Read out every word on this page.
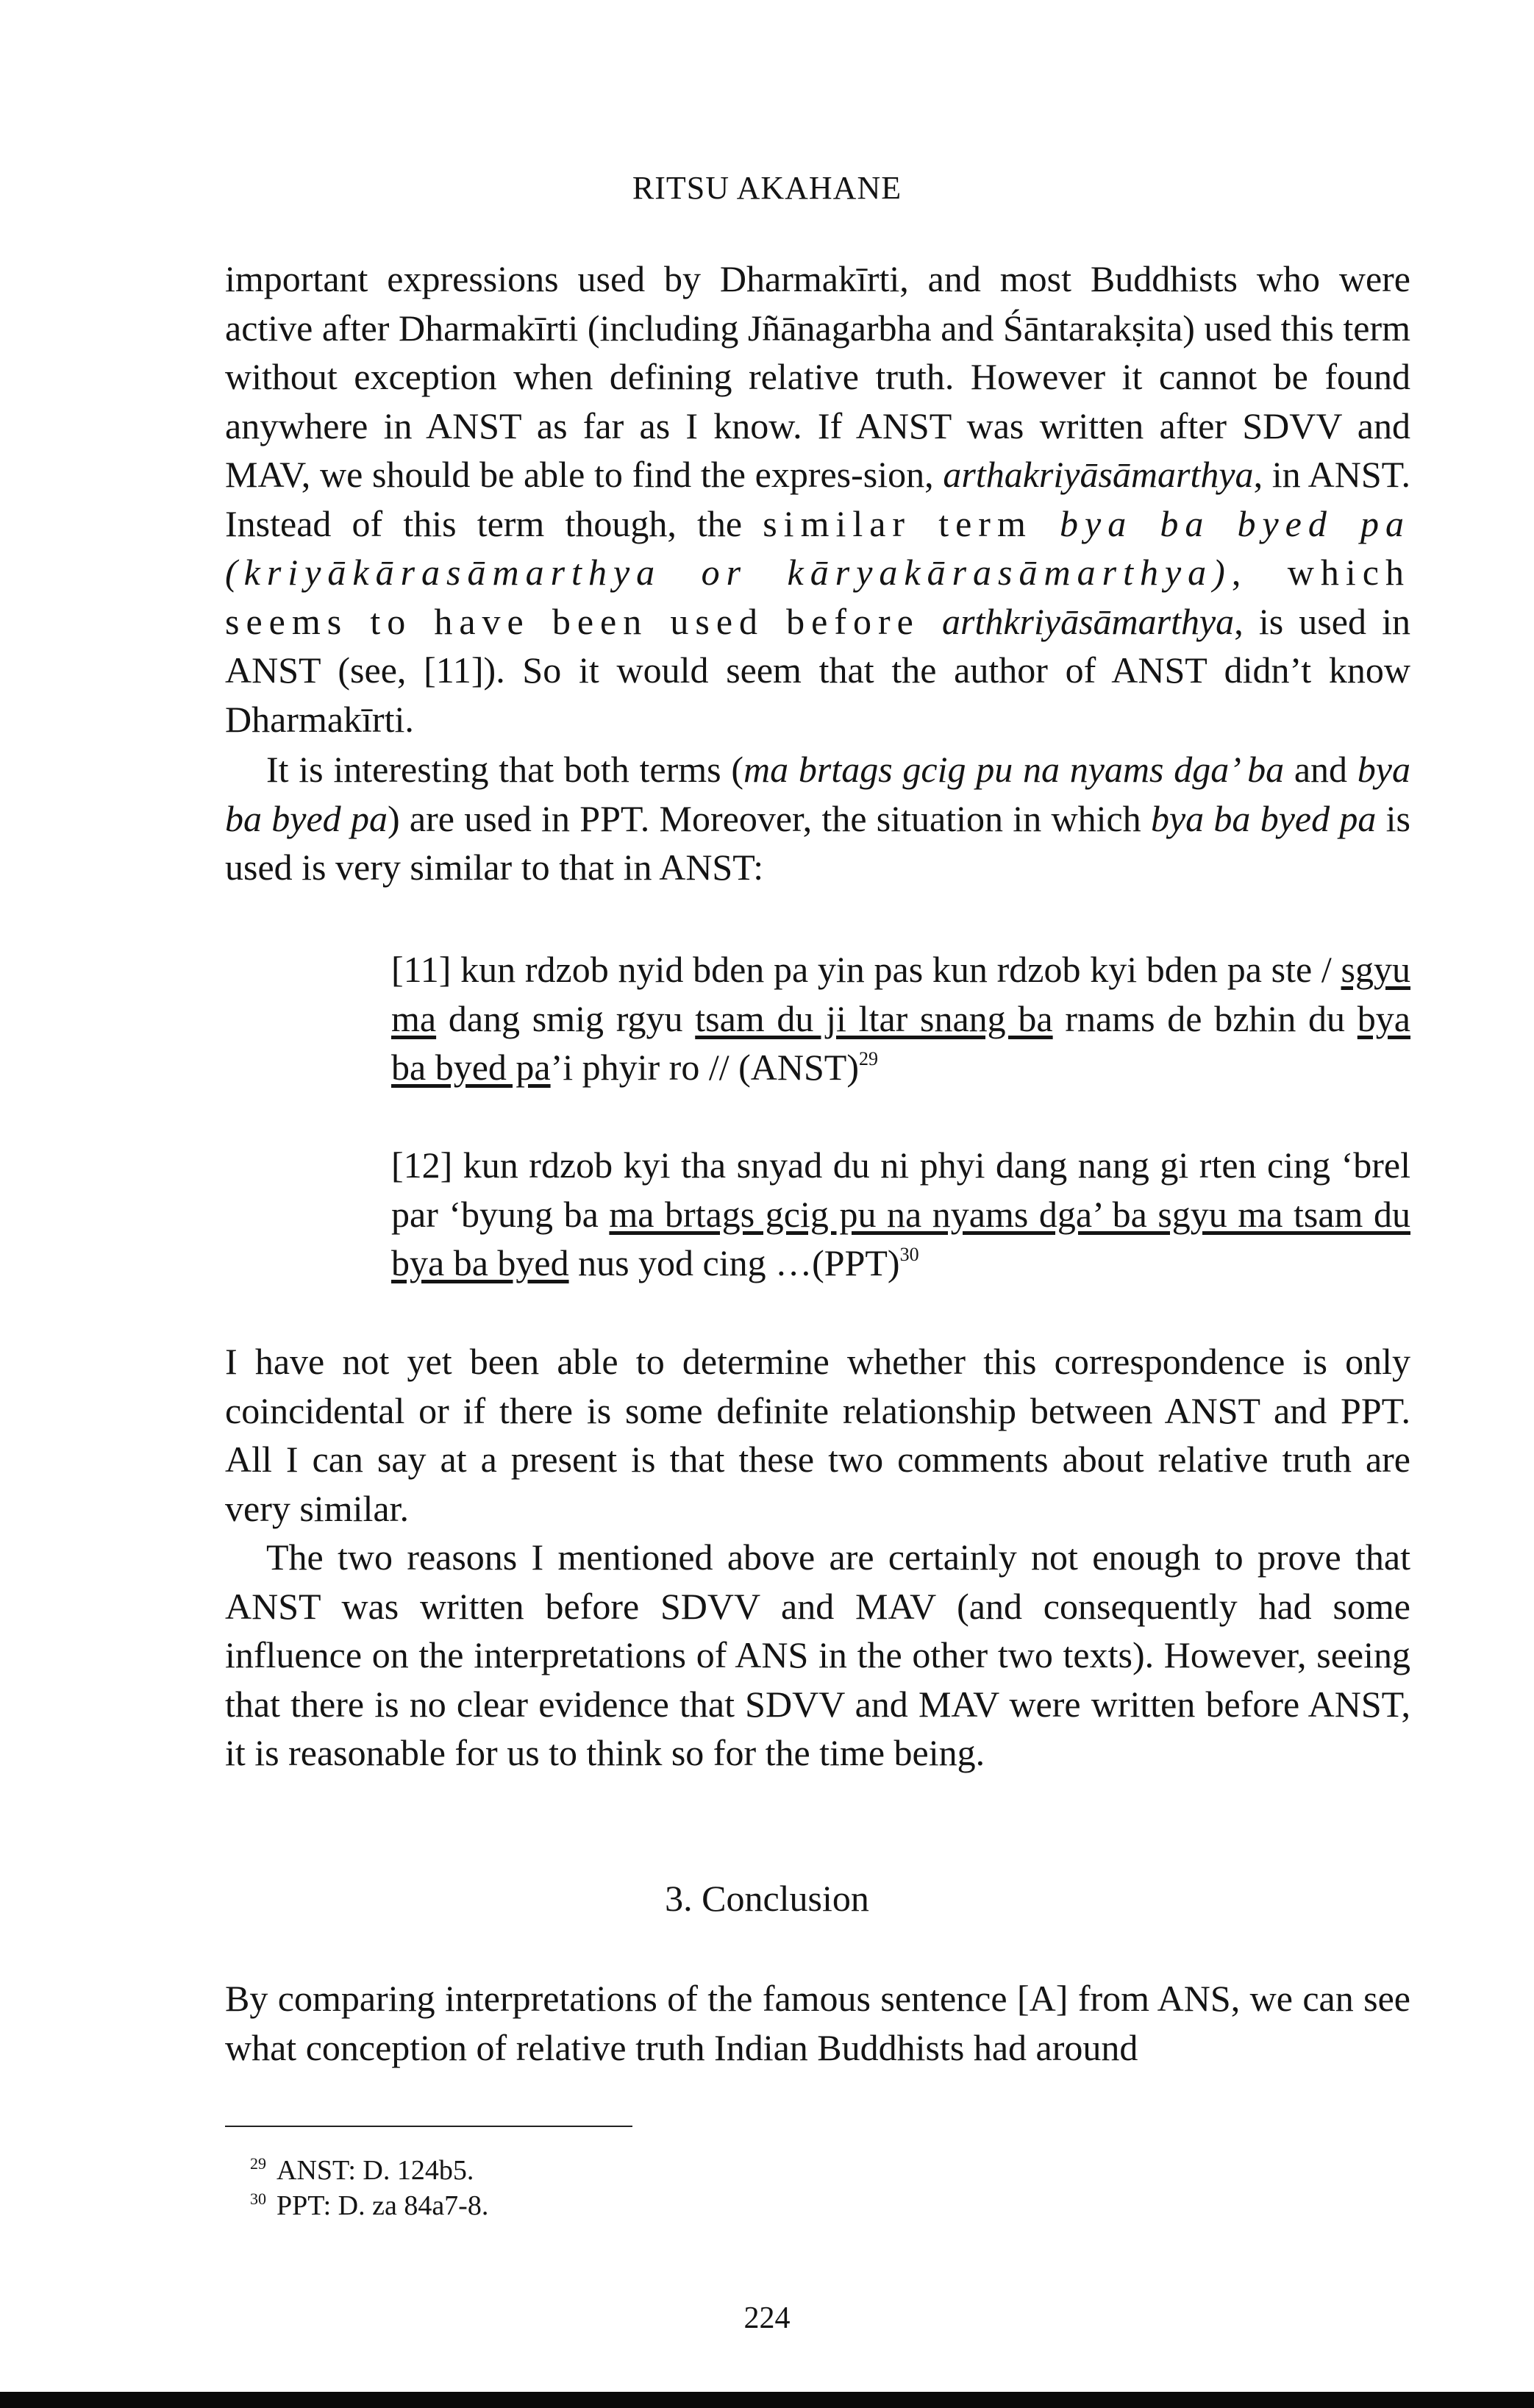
RITSU AKAHANE

important expressions used by Dharmakīrti, and most Buddhists who were active after Dharmakīrti (including Jñānagarbha and Śāntarakṣita) used this term without exception when defining relative truth. However it cannot be found anywhere in ANST as far as I know. If ANST was written after SDVV and MAV, we should be able to find the expres-sion, arthakriyāsāmarthya, in ANST. Instead of this term though, the similar term bya ba byed pa (kriyākārasāmarthya or kāryakārasāmarthya), which seems to have been used before arthkriyāsāmarthya, is used in ANST (see, [11]). So it would seem that the author of ANST didn’t know Dharmakīrti.

It is interesting that both terms (ma brtags gcig pu na nyams dga’ ba and bya ba byed pa) are used in PPT. Moreover, the situation in which bya ba byed pa is used is very similar to that in ANST:

[11] kun rdzob nyid bden pa yin pas kun rdzob kyi bden pa ste / sgyu ma dang smig rgyu tsam du ji ltar snang ba rnams de bzhin du bya ba byed pa’i phyir ro // (ANST)$^{29}$

[12] kun rdzob kyi tha snyad du ni phyi dang nang gi rten cing ‘brel par ‘byung ba ma brtags gcig pu na nyams dga’ ba sgyu ma tsam du bya ba byed nus yod cing …(PPT)$^{30}$

I have not yet been able to determine whether this correspondence is only coincidental or if there is some definite relationship between ANST and PPT. All I can say at a present is that these two comments about relative truth are very similar.

The two reasons I mentioned above are certainly not enough to prove that ANST was written before SDVV and MAV (and consequently had some influence on the interpretations of ANS in the other two texts). However, seeing that there is no clear evidence that SDVV and MAV were written before ANST, it is reasonable for us to think so for the time being.

3. Conclusion

By comparing interpretations of the famous sentence [A] from ANS, we can see what conception of relative truth Indian Buddhists had around

$^{29}$ ANST: D. 124b5.
$^{30}$ PPT: D. za 84a7-8.
224
